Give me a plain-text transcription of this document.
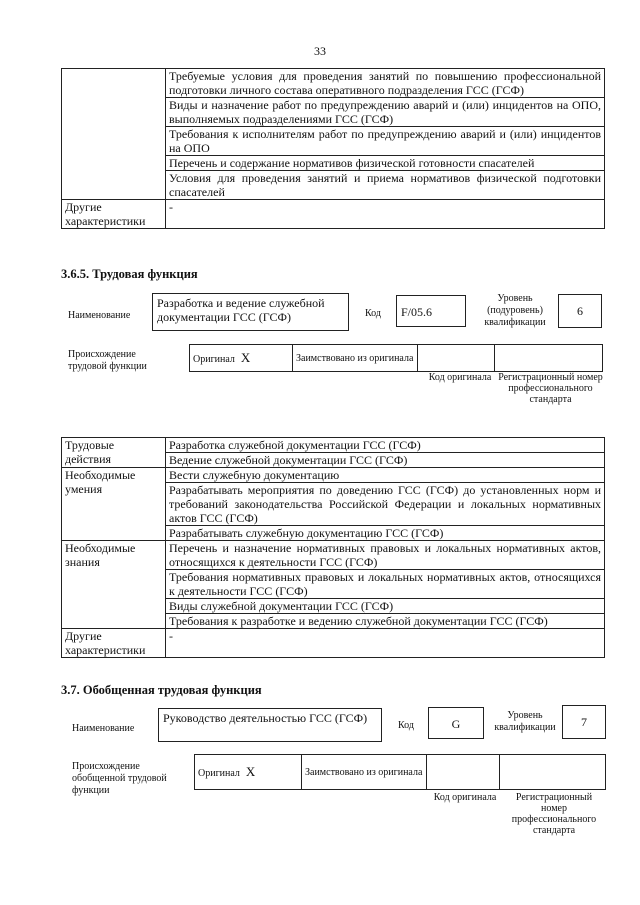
33
	Требуемые условия для проведения занятий по повышению профессиональной подготовки личного состава оперативного подразделения ГСС (ГСФ)
	Виды и назначение работ по предупреждению аварий и (или) инцидентов на ОПО, выполняемых подразделениями ГСС (ГСФ)
	Требования к исполнителям работ по предупреждению аварий и (или) инцидентов на ОПО
	Перечень и содержание нормативов физической готовности спасателей
	Условия для проведения занятий и приема нормативов физической подготовки спасателей
Другие характеристики	-
3.6.5. Трудовая функция
Наименование
Разработка и ведение служебной документации ГСС (ГСФ)	Код	F/05.6
Уровень (подуровень) квалификации
6
Происхождение трудовой функции
Оригинал X	Заимствовано из оригинала		
Код оригинала Регистрационный номер профессионального стандарта
Трудовые действия	Разработка служебной документации ГСС (ГСФ)
	Ведение служебной документации ГСС (ГСФ)
Необходимые умения	Вести служебную документацию
	Разрабатывать мероприятия по доведению ГСС (ГСФ) до установленных норм и требований законодательства Российской Федерации и локальных нормативных актов ГСС (ГСФ)
	Разрабатывать служебную документацию ГСС (ГСФ)
Необходимые знания	Перечень и назначение нормативных правовых и локальных нормативных актов, относящихся к деятельности ГСС (ГСФ)
	Требования нормативных правовых и локальных нормативных актов, относящихся к деятельности ГСС (ГСФ)
	Виды служебной документации ГСС (ГСФ)
	Требования к разработке и ведению служебной документации ГСС (ГСФ)
Другие характеристики	-
3.7. Обобщенная трудовая функция
Наименование
Руководство деятельностью ГСС (ГСФ)
Код	G
Уровень квалификации	7
Происхождение обобщенной трудовой функции
Оригинал X	Заимствовано из оригинала		
Код оригинала	Регистрационный номер профессионального стандарта
